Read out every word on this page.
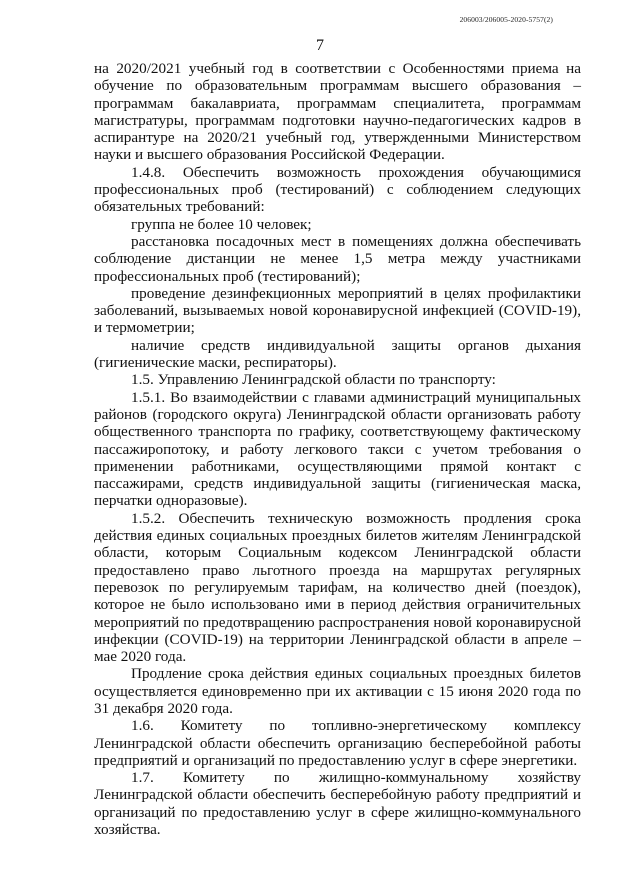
206003/206005-2020-5757(2)
7

на 2020/2021 учебный год в соответствии с Особенностями приема на обучение по образовательным программам высшего образования – программам бакалавриата, программам специалитета, программам магистратуры, программам подготовки научно-педагогических кадров в аспирантуре на 2020/21 учебный год, утвержденными Министерством науки и высшего образования Российской Федерации.

1.4.8. Обеспечить возможность прохождения обучающимися профессиональных проб (тестирований) с соблюдением следующих обязательных требований:

группа не более 10 человек;

расстановка посадочных мест в помещениях должна обеспечивать соблюдение дистанции не менее 1,5 метра между участниками профессиональных проб (тестирований);

проведение дезинфекционных мероприятий в целях профилактики заболеваний, вызываемых новой коронавирусной инфекцией (COVID-19), и термометрии;

наличие средств индивидуальной защиты органов дыхания (гигиенические маски, респираторы).

1.5. Управлению Ленинградской области по транспорту:

1.5.1. Во взаимодействии с главами администраций муниципальных районов (городского округа) Ленинградской области организовать работу общественного транспорта по графику, соответствующему фактическому пассажиропотоку, и работу легкового такси с учетом требования о применении работниками, осуществляющими прямой контакт с пассажирами, средств индивидуальной защиты (гигиеническая маска, перчатки одноразовые).

1.5.2. Обеспечить техническую возможность продления срока действия единых социальных проездных билетов жителям Ленинградской области, которым Социальным кодексом Ленинградской области предоставлено право льготного проезда на маршрутах регулярных перевозок по регулируемым тарифам, на количество дней (поездок), которое не было использовано ими в период действия ограничительных мероприятий по предотвращению распространения новой коронавирусной инфекции (COVID-19) на территории Ленинградской области в апреле – мае 2020 года.

Продление срока действия единых социальных проездных билетов осуществляется единовременно при их активации с 15 июня 2020 года по 31 декабря 2020 года.

1.6. Комитету по топливно-энергетическому комплексу Ленинградской области обеспечить организацию бесперебойной работы предприятий и организаций по предоставлению услуг в сфере энергетики.

1.7. Комитету по жилищно-коммунальному хозяйству Ленинградской области обеспечить бесперебойную работу предприятий и организаций по предоставлению услуг в сфере жилищно-коммунального хозяйства.
